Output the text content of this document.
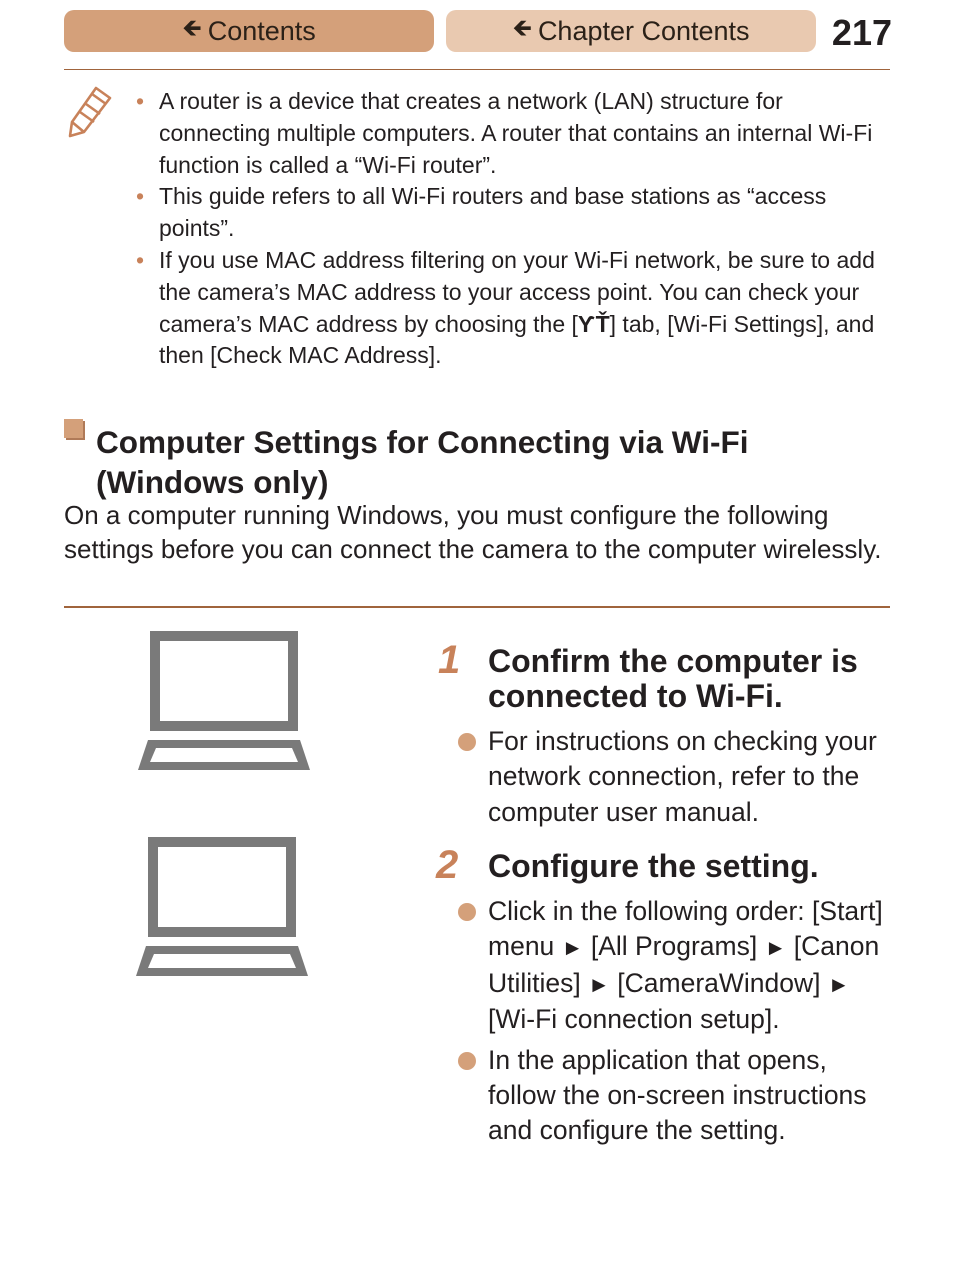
🡸 Contents	🡸 Chapter Contents 217
• A router is a device that creates a network (LAN) structure for connecting multiple computers. A router that contains an internal Wi-Fi function is called a “Wi-Fi router”.
• This guide refers to all Wi-Fi routers and base stations as “access points”.
• If you use MAC address filtering on your Wi-Fi network, be sure to add the camera’s MAC address to your access point. You can check your camera’s MAC address by choosing the [ƳŤ] tab, [Wi-Fi Settings], and then [Check MAC Address].
Computer Settings for Connecting via Wi-Fi
(Windows only)

On a computer running Windows, you must configure the following settings before you can connect the camera to the computer wirelessly.

1 Confirm the computer is
connected to Wi-Fi.
For instructions on checking your network connection, refer to the computer user manual.
2 Configure the setting.
Click in the following order: [Start] menu ► [All Programs] ► [Canon Utilities] ► [CameraWindow] ► [Wi-Fi connection setup].
In the application that opens, follow the on-screen instructions and configure the setting.
